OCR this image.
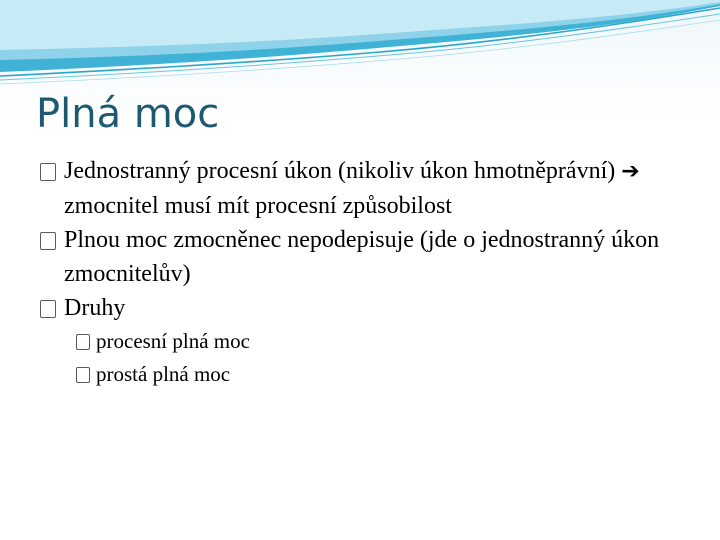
Plná moc
Jednostranný procesní úkon (nikoliv úkon hmotněprávní) ➔ zmocnitel musí mít procesní způsobilost
Plnou moc zmocněnec nepodepisuje (jde o jednostranný úkon zmocnitelův)
Druhy
procesní plná moc
prostá plná moc
